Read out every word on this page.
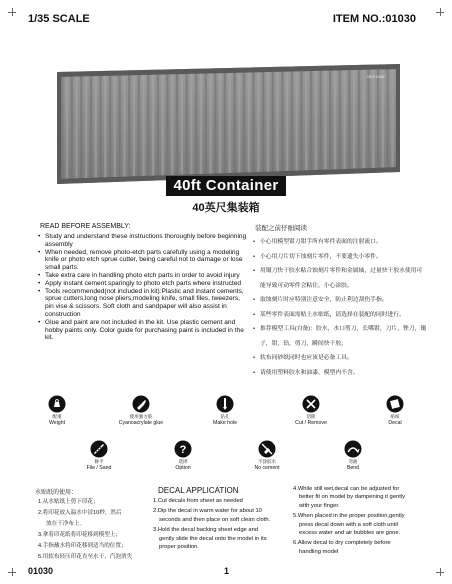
1/35 SCALE	ITEM NO.:01030
SEA LINE
40ft Container
40英尺集装箱
READ BEFORE ASSEMBLY:
• Study and understand these instructions thoroughly before beginning assembly
• When needed, remove photo-etch parts carefully using a modeling knife or photo etch sprue cutter, being careful not to damage or lose small parts.
• Take extra care in handling photo etch parts in order to avoid injury
• Apply instant cement sparingly to photo etch parts where instructed
• Tools recommended(not included in kit):Plastic and instant cements, sprue cutters,long nose pliers,modeling knife, small files, tweezers, pin vise & scissors. Soft cloth and sandpaper will also assist in construction
• Glue and paint are not included in the kit. Use plastic cement and hobby paints only. Color guide for purchasing paint is included in the kit.
装配之前仔细阅读
• 小心用模型钳刀钳手所有零件表面的注射流口。
• 小心用刀片切下蚀刻片零件，不要遗失小零件。
• 用镊刀快干胶水粘合蚀刻片零件和金属轴，过量快干胶水使用可能导致可动零件会粘住，小心涂胶。
• 取蚀刻片时应特别注意安全，防止利边刮伤手指。
• 某些零件表面需贴上水贴纸，请选择在装配的同时进行。
• 推荐模型工具(自备)：胶水，水口剪刀，长嘴钳，刀片，锉刀，镊子，钳，钻，剪刀，瞬间快干胶。
• 软布同砂纸同时也应该是必备工具。
• 请使用塑料胶水和油漆，模型内不含。
配重
Weight
使用强力胶
Cyanoacrylate glue
钻孔
Make hole
切除
Cut / Remove
贴纸
Decal
修平
File / Sand
?
选择
Option
不涂胶水
No cement
弯曲
Bend
水贴纸的使用：
1.从水贴纸上剪下印花；
2.将印花放入温水中浸10秒，然后
放在干净布上。
3.拿着印花纸将印花移到模型上；
4.手指蘸水将印花移到适当的位置；
5.用软布轻压印花直至水干、汽泡消失
DECAL APPLICATION
1.Cut decals from sheet as needed
2.Dip the decal in warm water for about 10
seconds and then place on soft clean cloth.
3.Hold the decal backing sheet edge and
gently slide the decal onto the model in its
proper position.
4.While still wet,decal can be adjusted for
better fit on model by dampening it gently
with your finger.
5.When placed in the proper position,gently
press decal down with a soft cloth until
excess water and air bubbles are gone.
6.Allow decal to dry completely before
handling model
01030	1
